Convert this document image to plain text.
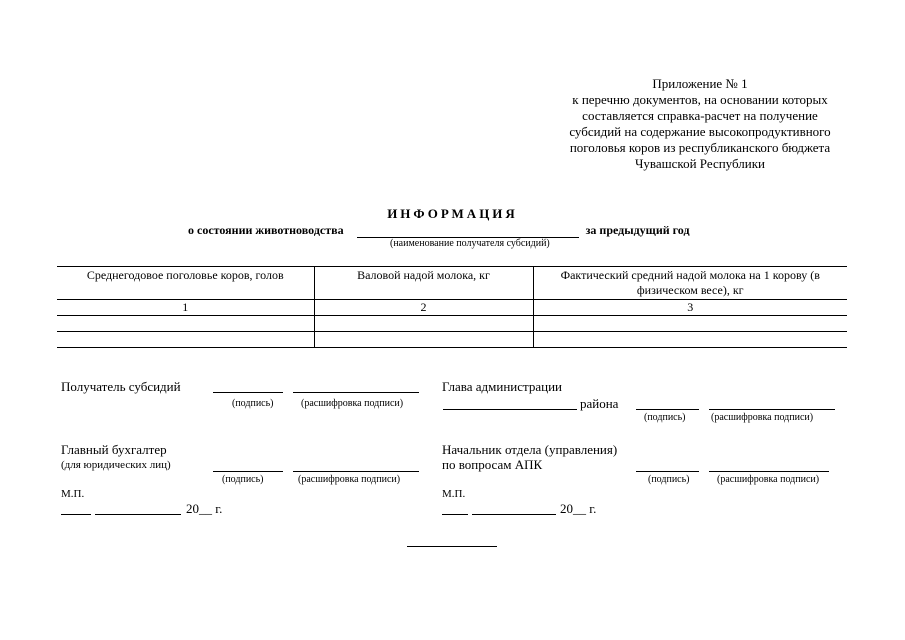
Приложение № 1
к перечню документов, на основании которых
составляется справка-расчет на получение
субсидий на содержание высокопродуктивного
поголовья коров из республиканского бюджета
Чувашской Республики
ИНФОРМАЦИЯ
о состоянии животноводства	за предыдущий год
(наименование получателя субсидий)
Среднегодовое поголовье коров, голов	Валовой надой молока, кг	Фактический средний надой молока на 1 корову (в физическом весе), кг
1	2	3

Получатель субсидий
(подпись)	(расшифровка подписи)
Глава администрации
района
(подпись)	(расшифровка подписи)
Главный бухгалтер
(для юридических лиц)
(подпись)	(расшифровка подписи)
Начальник отдела (управления)
по вопросам АПК
(подпись)	(расшифровка подписи)
М.П.	М.П.
20__ г.	20__ г.
